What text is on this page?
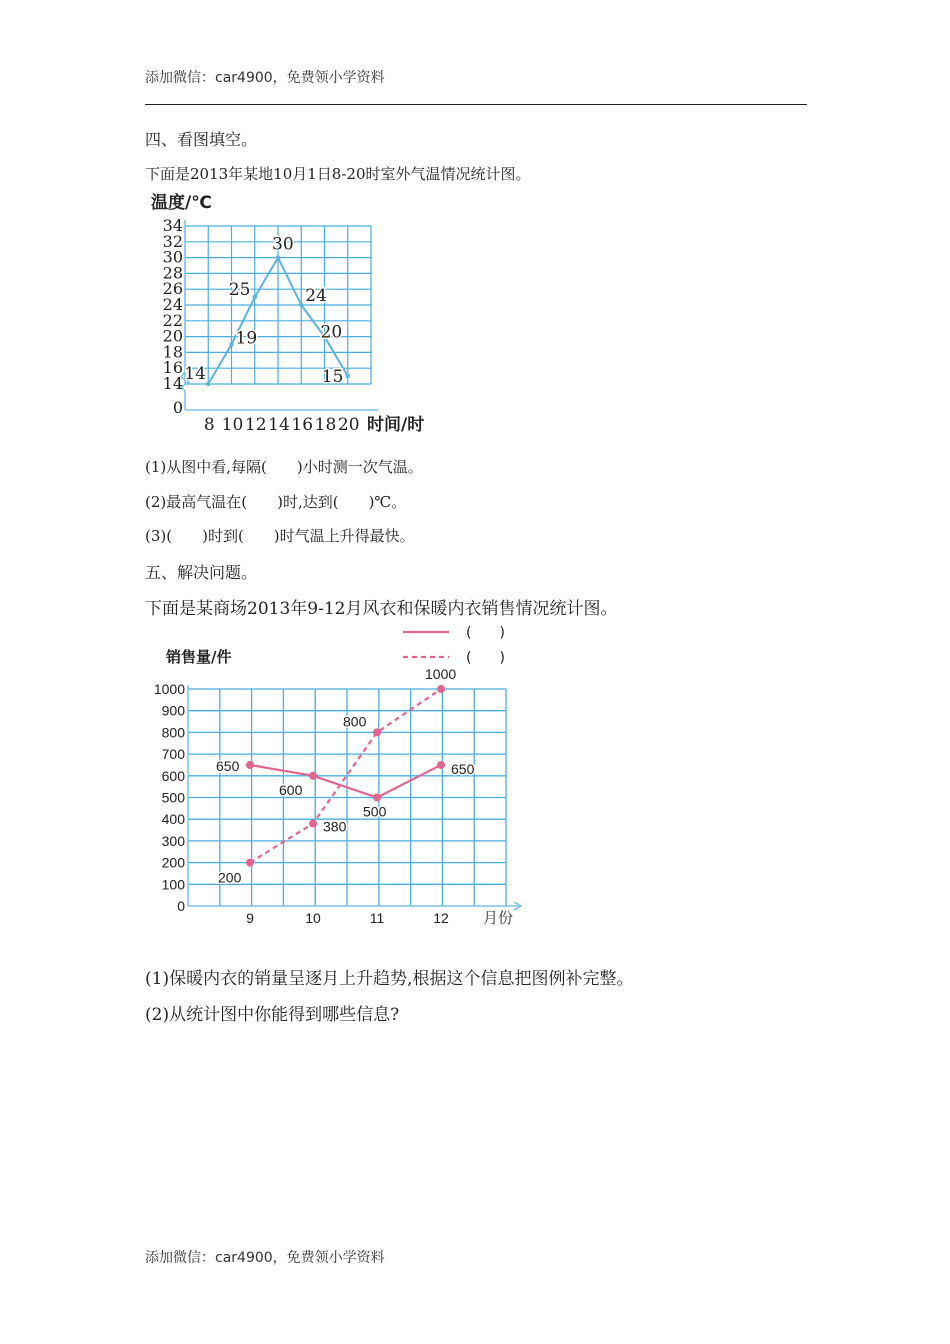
添加微信：car4900，免费领小学资料
四、看图填空。
下面是2013年某地10月1日8-20时室外气温情况统计图。
0
14
16
18
20
22
24
26
28
30
32
34
8 10 12 14 16 18 20
温度/℃
时间/时
14
19
25
30
24
20
15
(1)从图中看,每隔(　　)小时测一次气温。
(2)最高气温在(　　)时,达到(　　)℃。
(3)(　　)时到(　　)时气温上升得最快。
五、解决问题。
下面是某商场2013年9-12月风衣和保暖内衣销售情况统计图。
(　　)
(　　)
0
100
200
300
400
500
600
700
800
900
1000
9	10	11	12
销售量/件
月份
650
600
500
650
200
380
800
1000
(1)保暖内衣的销量呈逐月上升趋势,根据这个信息把图例补完整。
(2)从统计图中你能得到哪些信息?
添加微信：car4900，免费领小学资料
